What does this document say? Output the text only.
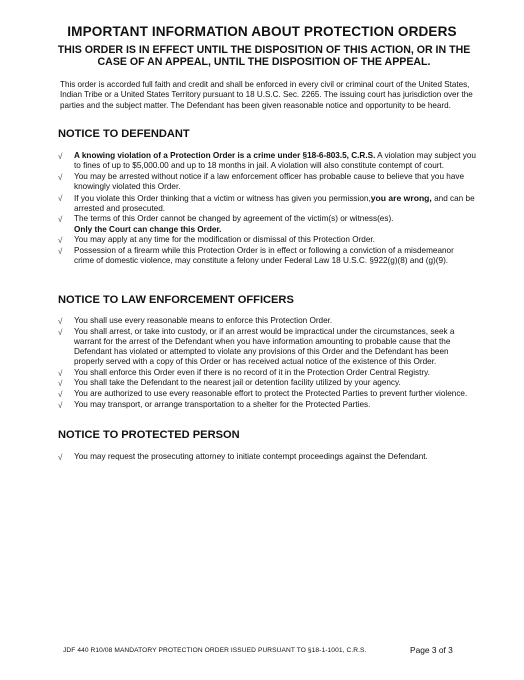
IMPORTANT INFORMATION ABOUT PROTECTION ORDERS
THIS ORDER IS IN EFFECT UNTIL THE DISPOSITION OF THIS ACTION, OR IN THE CASE OF AN APPEAL, UNTIL THE DISPOSITION OF THE APPEAL.
This order is accorded full faith and credit and shall be enforced in every civil or criminal court of the United States, Indian Tribe or a United States Territory pursuant to 18 U.S.C. Sec. 2265. The issuing court has jurisdiction over the parties and the subject matter. The Defendant has been given reasonable notice and opportunity to be heard.
NOTICE TO DEFENDANT
√ A knowing violation of a Protection Order is a crime under §18-6-803.5, C.R.S. A violation may subject you to fines of up to $5,000.00 and up to 18 months in jail. A violation will also constitute contempt of court.
√ You may be arrested without notice if a law enforcement officer has probable cause to believe that you have knowingly violated this Order.
√ If you violate this Order thinking that a victim or witness has given you permission,you are wrong, and can be arrested and prosecuted.
√ The terms of this Order cannot be changed by agreement of the victim(s) or witness(es).
Only the Court can change this Order.
√ You may apply at any time for the modification or dismissal of this Protection Order.
√ Possession of a firearm while this Protection Order is in effect or following a conviction of a misdemeanor crime of domestic violence, may constitute a felony under Federal Law 18 U.S.C. §922(g)(8) and (g)(9).
NOTICE TO LAW ENFORCEMENT OFFICERS
√ You shall use every reasonable means to enforce this Protection Order.
√ You shall arrest, or take into custody, or if an arrest would be impractical under the circumstances, seek a warrant for the arrest of the Defendant when you have information amounting to probable cause that the Defendant has violated or attempted to violate any provisions of this Order and the Defendant has been properly served with a copy of this Order or has received actual notice of the existence of this Order.
√ You shall enforce this Order even if there is no record of it in the Protection Order Central Registry.
√ You shall take the Defendant to the nearest jail or detention facility utilized by your agency.
√ You are authorized to use every reasonable effort to protect the Protected Parties to prevent further violence.
√ You may transport, or arrange transportation to a shelter for the Protected Parties.
NOTICE TO PROTECTED PERSON
√ You may request the prosecuting attorney to initiate contempt proceedings against the Defendant.
JDF 440 R10/08 MANDATORY PROTECTION ORDER ISSUED PURSUANT TO §18-1-1001, C.R.S.	Page 3 of 3
